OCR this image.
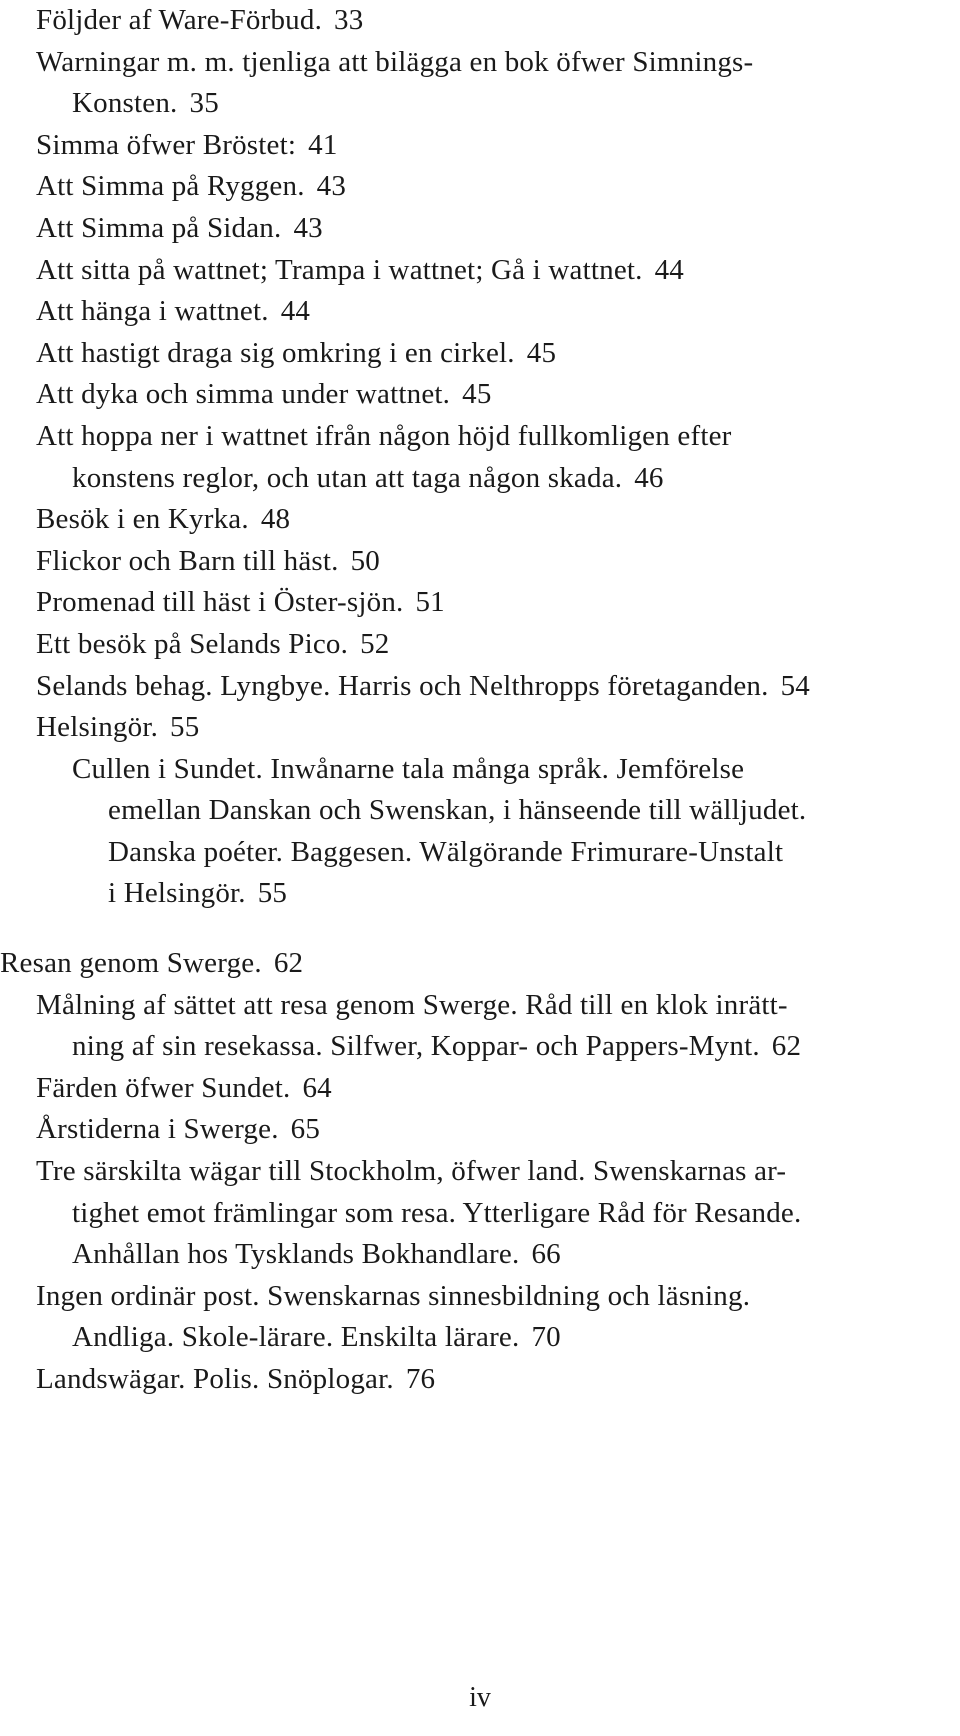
Följder af Ware-Förbud. 33
Warningar m. m. tjenliga att bilägga en bok öfwer Simnings-
Konsten. 35
Simma öfwer Bröstet: 41
Att Simma på Ryggen. 43
Att Simma på Sidan. 43
Att sitta på wattnet; Trampa i wattnet; Gå i wattnet. 44
Att hänga i wattnet. 44
Att hastigt draga sig omkring i en cirkel. 45
Att dyka och simma under wattnet. 45
Att hoppa ner i wattnet ifrån någon höjd fullkomligen efter
konstens reglor, och utan att taga någon skada. 46
Besök i en Kyrka. 48
Flickor och Barn till häst. 50
Promenad till häst i Öster-sjön. 51
Ett besök på Selands Pico. 52
Selands behag. Lyngbye. Harris och Nelthropps företaganden. 54
Helsingör. 55
Cullen i Sundet. Inwånarne tala många språk. Jemförelse
emellan Danskan och Swenskan, i hänseende till wälljudet.
Danska poéter. Baggesen. Wälgörande Frimurare-Unstalt
i Helsingör. 55
Resan genom Swerge. 62
Målning af sättet att resa genom Swerge. Råd till en klok inrätt-
ning af sin resekassa. Silfwer, Koppar- och Pappers-Mynt. 62
Färden öfwer Sundet. 64
Årstiderna i Swerge. 65
Tre särskilta wägar till Stockholm, öfwer land. Swenskarnas ar-
tighet emot främlingar som resa. Ytterligare Råd för Resande.
Anhållan hos Tysklands Bokhandlare. 66
Ingen ordinär post. Swenskarnas sinnesbildning och läsning.
Andliga. Skole-lärare. Enskilta lärare. 70
Landswägar. Polis. Snöplogar. 76
iv
